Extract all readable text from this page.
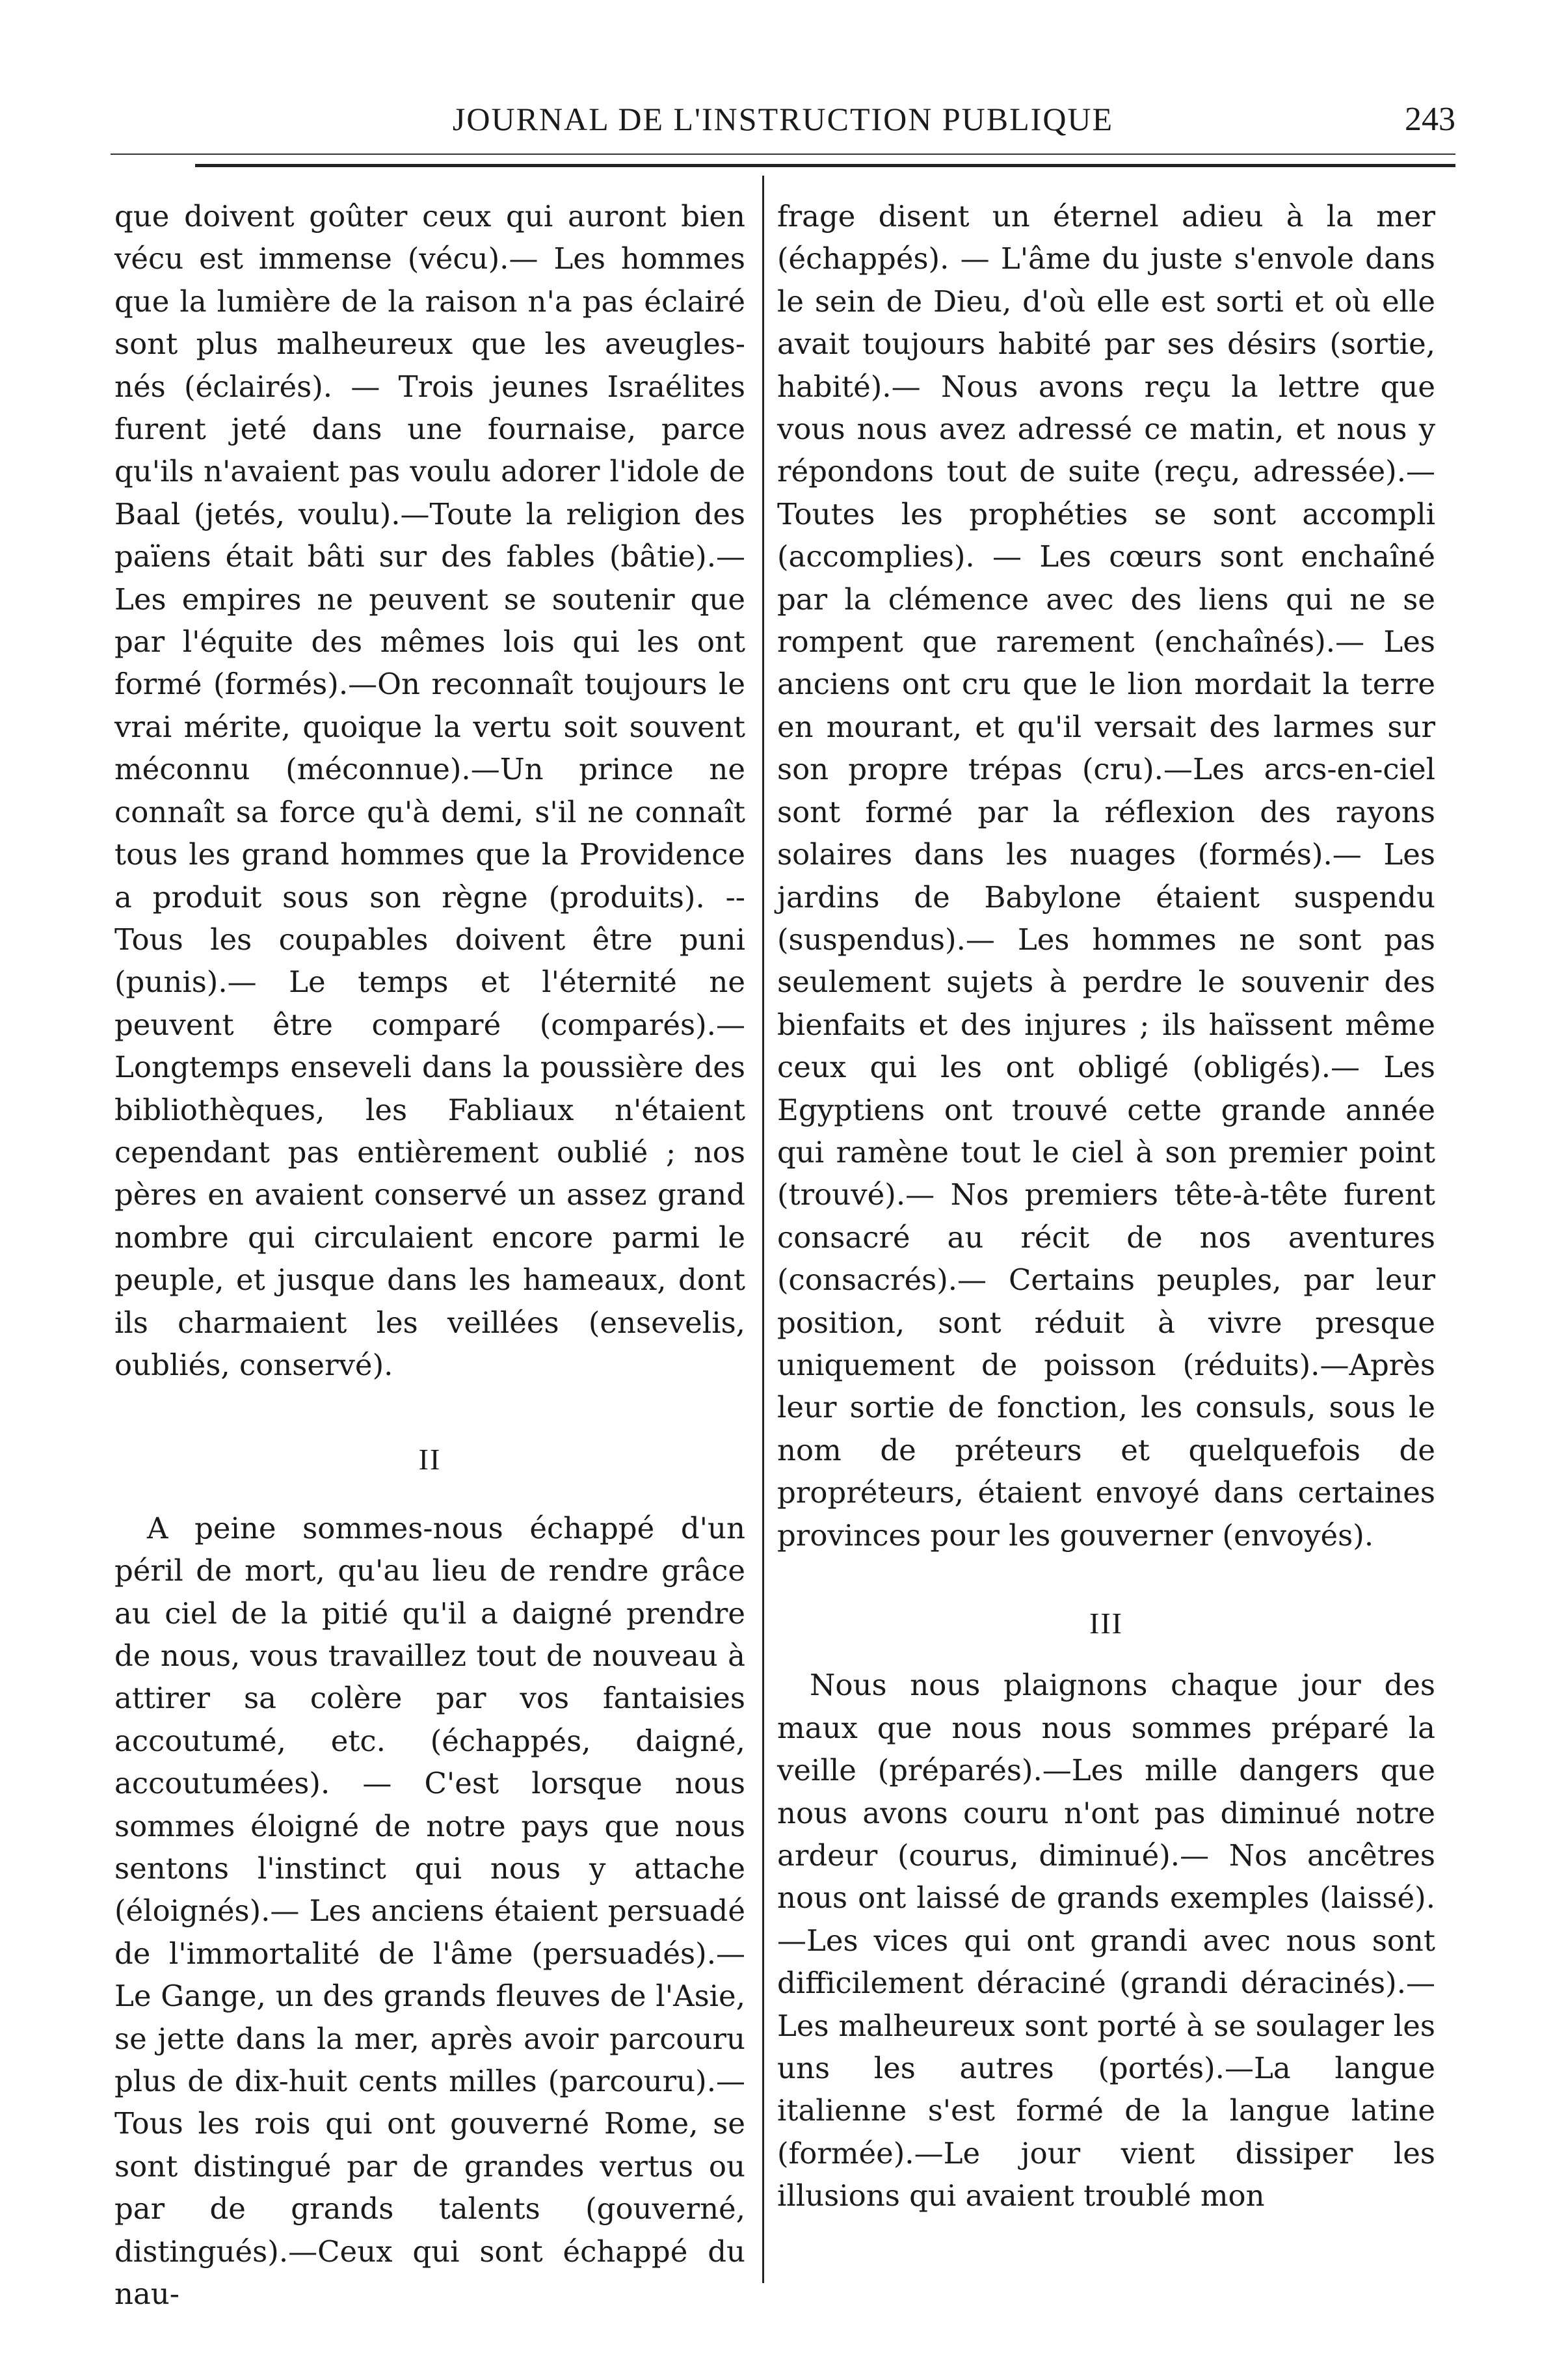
JOURNAL DE L'INSTRUCTION PUBLIQUE	243

que doivent goûter ceux qui auront bien vécu est immense (vécu).— Les hommes que la lumière de la raison n'a pas éclairé sont plus malheureux que les aveugles-nés (éclairés). — Trois jeunes Israélites furent jeté dans une fournaise, parce qu'ils n'avaient pas voulu adorer l'idole de Baal (jetés, voulu).—Toute la religion des païens était bâti sur des fables (bâtie).—Les empires ne peuvent se soutenir que par l'équite des mêmes lois qui les ont formé (formés).—On reconnaît toujours le vrai mérite, quoique la vertu soit souvent méconnu (méconnue).—Un prince ne connaît sa force qu'à demi, s'il ne connaît tous les grand hommes que la Providence a produit sous son règne (produits). -- Tous les coupables doivent être puni (punis).— Le temps et l'éternité ne peuvent être comparé (comparés).—Longtemps enseveli dans la poussière des bibliothèques, les Fabliaux n'étaient cependant pas entièrement oublié ; nos pères en avaient conservé un assez grand nombre qui circulaient encore parmi le peuple, et jusque dans les hameaux, dont ils charmaient les veillées (ensevelis, oubliés, conservé).

II

A peine sommes-nous échappé d'un péril de mort, qu'au lieu de rendre grâce au ciel de la pitié qu'il a daigné prendre de nous, vous travaillez tout de nouveau à attirer sa colère par vos fantaisies accoutumé, etc. (échappés, daigné, accoutumées). — C'est lorsque nous sommes éloigné de notre pays que nous sentons l'instinct qui nous y attache (éloignés).— Les anciens étaient persuadé de l'immortalité de l'âme (persuadés).— Le Gange, un des grands fleuves de l'Asie, se jette dans la mer, après avoir parcouru plus de dix-huit cents milles (parcouru).—Tous les rois qui ont gouverné Rome, se sont distingué par de grandes vertus ou par de grands talents (gouverné, distingués).—Ceux qui sont échappé du nau-

frage disent un éternel adieu à la mer (échappés). — L'âme du juste s'envole dans le sein de Dieu, d'où elle est sorti et où elle avait toujours habité par ses désirs (sortie, habité).— Nous avons reçu la lettre que vous nous avez adressé ce matin, et nous y répondons tout de suite (reçu, adressée).—Toutes les prophéties se sont accompli (accomplies). — Les cœurs sont enchaîné par la clémence avec des liens qui ne se rompent que rarement (enchaînés).— Les anciens ont cru que le lion mordait la terre en mourant, et qu'il versait des larmes sur son propre trépas (cru).—Les arcs-en-ciel sont formé par la réflexion des rayons solaires dans les nuages (formés).— Les jardins de Babylone étaient suspendu (suspendus).— Les hommes ne sont pas seulement sujets à perdre le souvenir des bienfaits et des injures ; ils haïssent même ceux qui les ont obligé (obligés).— Les Egyptiens ont trouvé cette grande année qui ramène tout le ciel à son premier point (trouvé).— Nos premiers tête-à-tête furent consacré au récit de nos aventures (consacrés).— Certains peuples, par leur position, sont réduit à vivre presque uniquement de poisson (réduits).—Après leur sortie de fonction, les consuls, sous le nom de préteurs et quelquefois de propréteurs, étaient envoyé dans certaines provinces pour les gouverner (envoyés).

III

Nous nous plaignons chaque jour des maux que nous nous sommes préparé la veille (préparés).—Les mille dangers que nous avons couru n'ont pas diminué notre ardeur (courus, diminué).— Nos ancêtres nous ont laissé de grands exemples (laissé).—Les vices qui ont grandi avec nous sont difficilement déraciné (grandi déracinés).—Les malheureux sont porté à se soulager les uns les autres (portés).—La langue italienne s'est formé de la langue latine (formée).—Le jour vient dissiper les illusions qui avaient troublé mon
